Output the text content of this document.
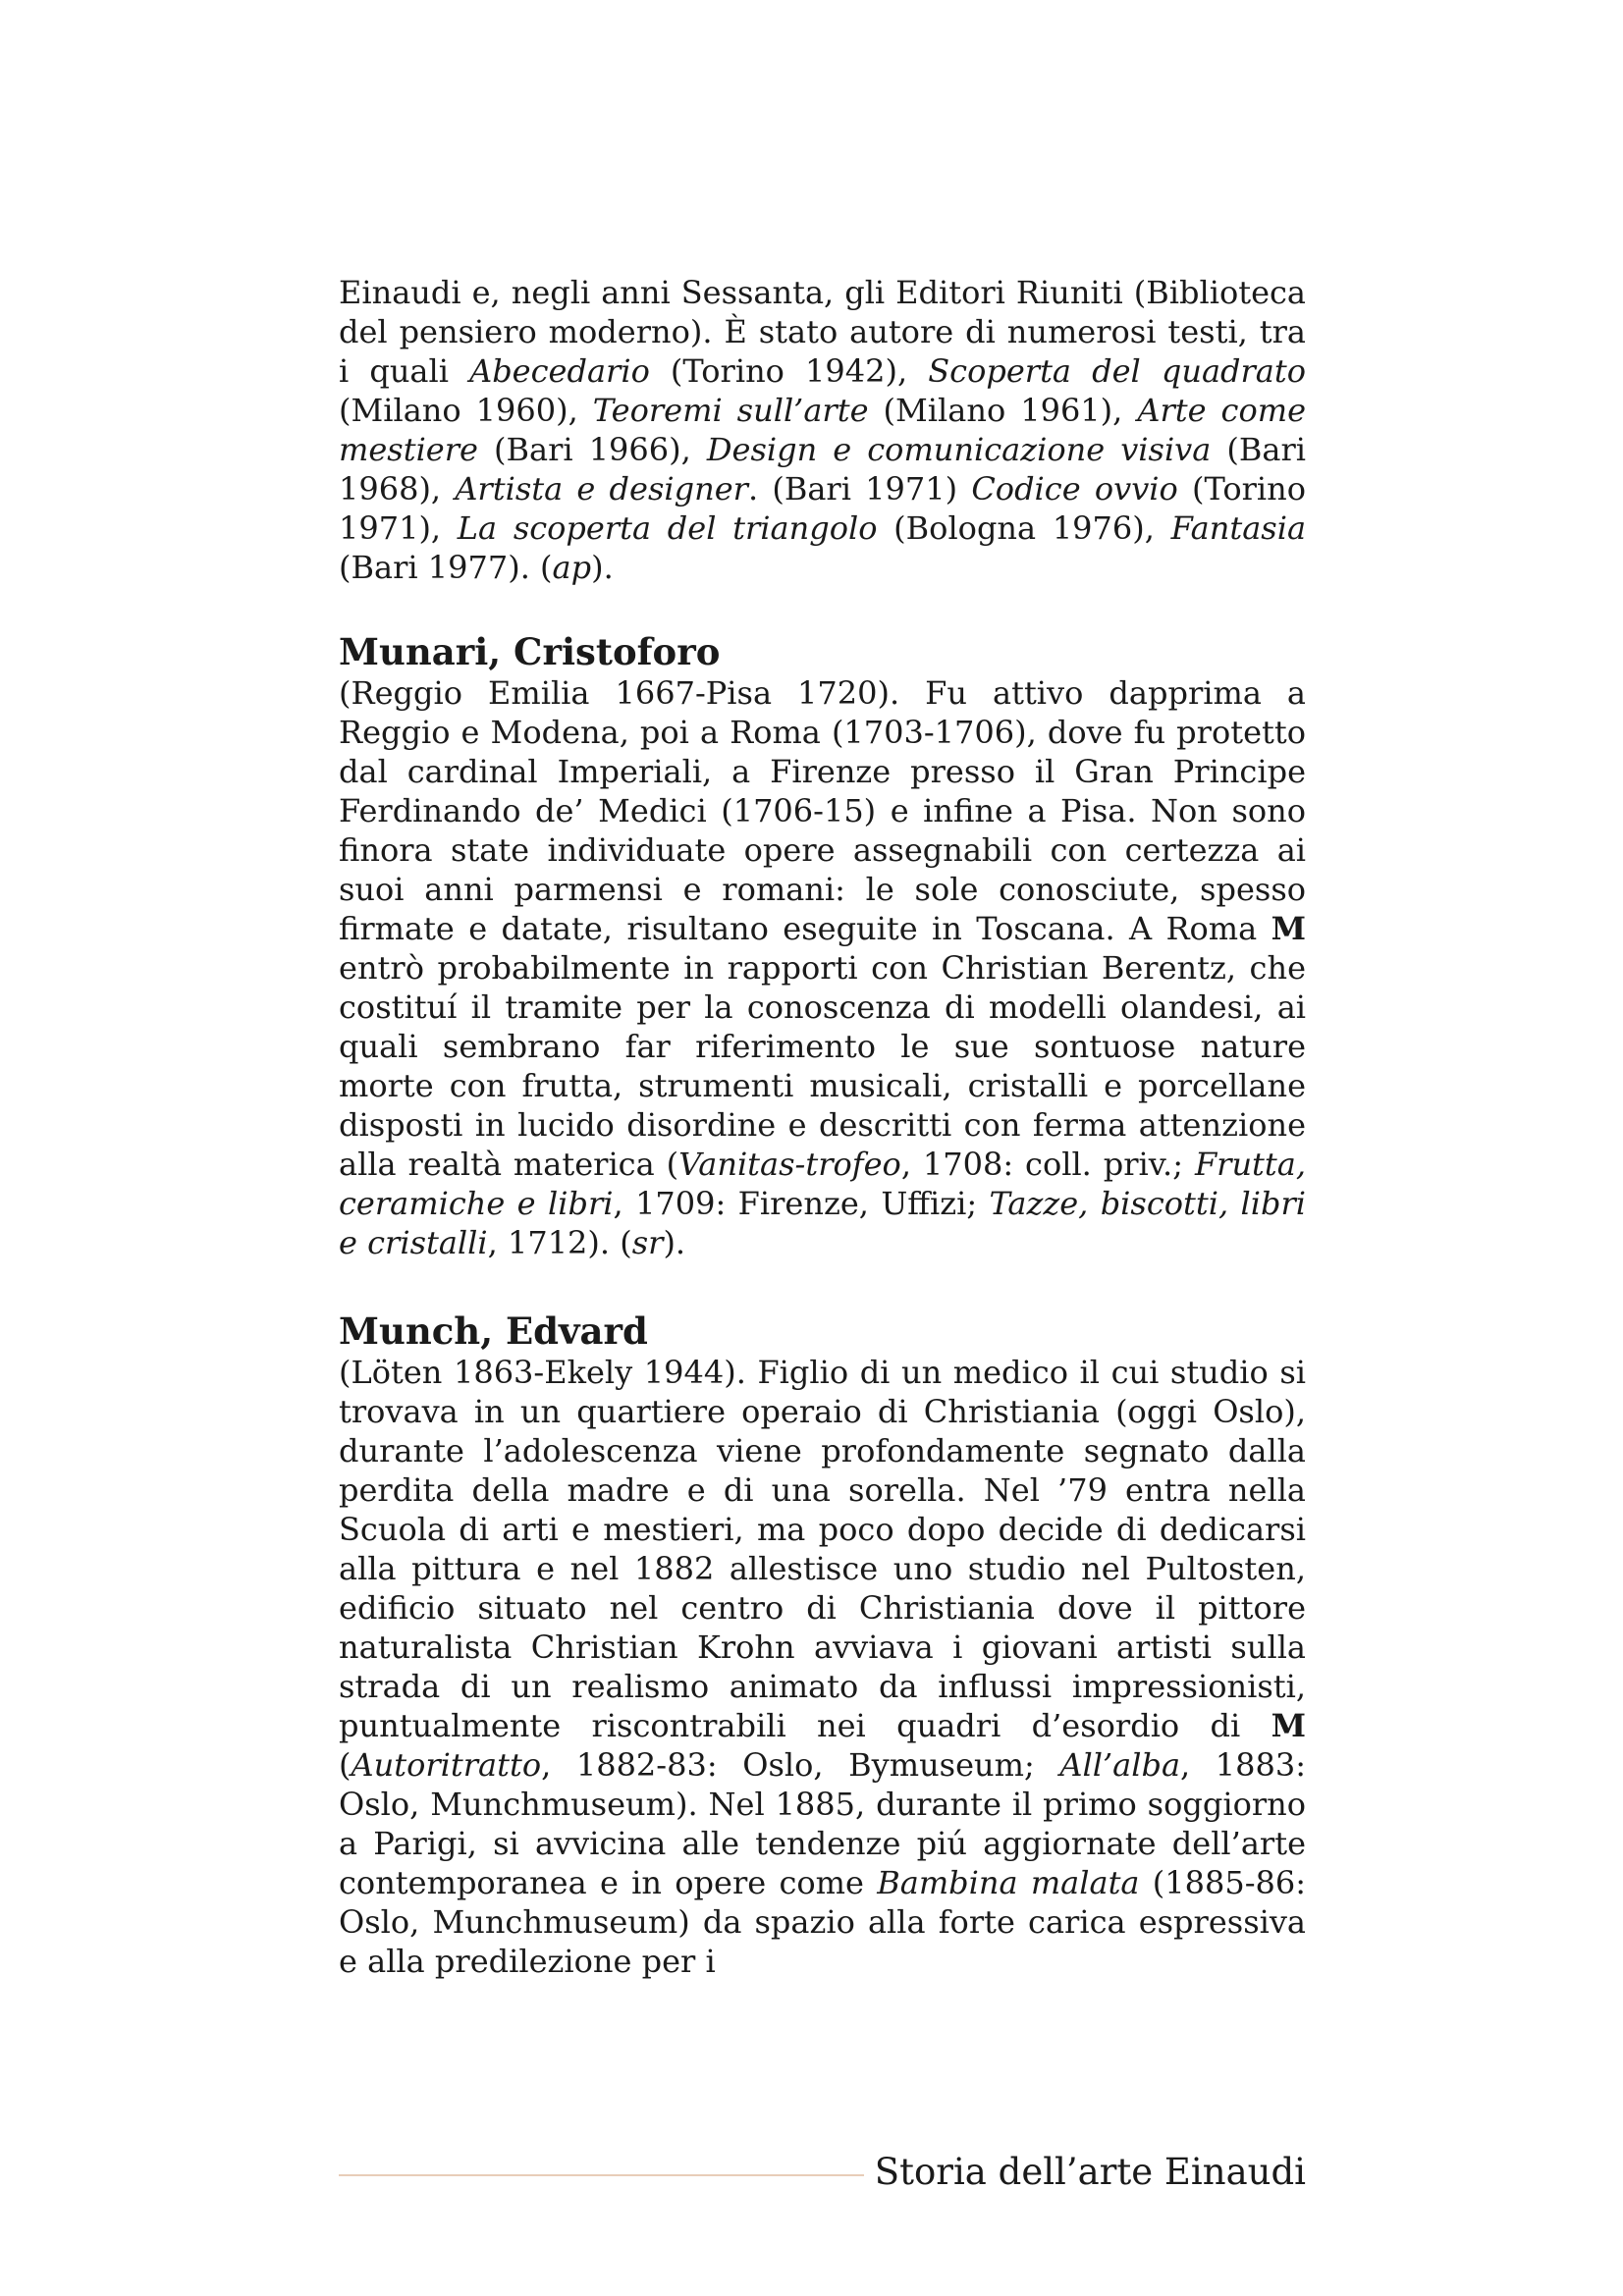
Einaudi e, negli anni Sessanta, gli Editori Riuniti (Biblioteca del pensiero moderno). È stato autore di numerosi testi, tra i quali Abecedario (Torino 1942), Scoperta del quadrato (Milano 1960), Teoremi sull’arte (Milano 1961), Arte come mestiere (Bari 1966), Design e comunicazione visiva (Bari 1968), Artista e designer. (Bari 1971) Codice ovvio (Torino 1971), La scoperta del triangolo (Bologna 1976), Fantasia (Bari 1977). (ap).

Munari, Cristoforo

(Reggio Emilia 1667-Pisa 1720). Fu attivo dapprima a Reggio e Modena, poi a Roma (1703-1706), dove fu protetto dal cardinal Imperiali, a Firenze presso il Gran Principe Ferdinando de’ Medici (1706-15) e infine a Pisa. Non sono finora state individuate opere assegnabili con certezza ai suoi anni parmensi e romani: le sole conosciute, spesso firmate e datate, risultano eseguite in Toscana. A Roma M entrò probabilmente in rapporti con Christian Berentz, che costituí il tramite per la conoscenza di modelli olandesi, ai quali sembrano far riferimento le sue sontuose nature morte con frutta, strumenti musicali, cristalli e porcellane disposti in lucido disordine e descritti con ferma attenzione alla realtà materica (Vanitas-trofeo, 1708: coll. priv.; Frutta, ceramiche e libri, 1709: Firenze, Uffizi; Tazze, biscotti, libri e cristalli, 1712). (sr).

Munch, Edvard

(Löten 1863-Ekely 1944). Figlio di un medico il cui studio si trovava in un quartiere operaio di Christiania (oggi Oslo), durante l’adolescenza viene profondamente segnato dalla perdita della madre e di una sorella. Nel ’79 entra nella Scuola di arti e mestieri, ma poco dopo decide di dedicarsi alla pittura e nel 1882 allestisce uno studio nel Pultosten, edificio situato nel centro di Christiania dove il pittore naturalista Christian Krohn avviava i giovani artisti sulla strada di un realismo animato da influssi impressionisti, puntualmente riscontrabili nei quadri d’esordio di M (Autoritratto, 1882-83: Oslo, Bymuseum; All’alba, 1883: Oslo, Munchmuseum). Nel 1885, durante il primo soggiorno a Parigi, si avvicina alle tendenze piú aggiornate dell’arte contemporanea e in opere come Bambina malata (1885-86: Oslo, Munchmuseum) da spazio alla forte carica espressiva e alla predilezione per i

Storia dell’arte Einaudi
